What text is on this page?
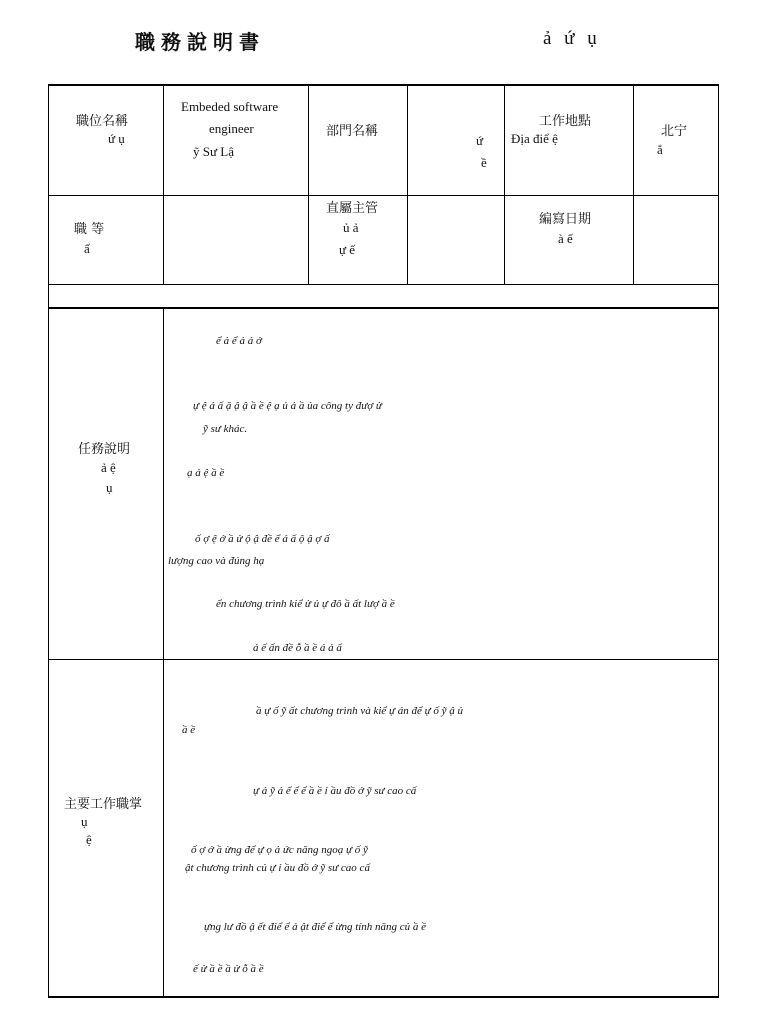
職務說明書	ả ứ ụ
職位名稱
ứ ụ
Embeded software
engineer
ỹ Sư Lậ
部門名稱
ứ
ề
工作地點
Địa điể ệ	北宁
ắ
職 等
ấ
直屬主管
ủ ả
ự ế
編寫日期
à ế
任務說明
ả ệ
ụ
ể ả ể ả ả ớ
ự ệ á ấ ặ ậ ậ ầ ề ệ ạ ủ ả ầ ủa công ty đượ ử
ỹ sư khác.
ạ ả ệ ầ ề
ố ợ ệ ớ ầ ử ộ ậ đề ể á ấ ộ ậ ợ ấ
lượng cao và đúng hạ
ển chương trình kiể ử ủ ự đô ầ ất lượ ầ ề
ả ế ấn đề ỗ ầ ề á ả ấ
主要工作職掌
ụ
ệ
ầ ự ố ỹ ất chương trình và kiể ự án để ự ố ỹ ậ ủ
ầ ề
ự ả ỹ ả ể ể ể ầ ề ỉ ầu đồ ớ ỹ sư cao cấ
ố ợ ớ ầ ừng để ự ọ ả ức năng ngoạ ự ố ỹ
ật chương trình củ ự ỉ ầu đồ ớ ỹ sư cao cấ
ựng lư đồ ậ ết điể ể ả ật điể ể ừng tính năng củ ầ ề
ế ử ầ ề ầ ử ỗ ầ ề
